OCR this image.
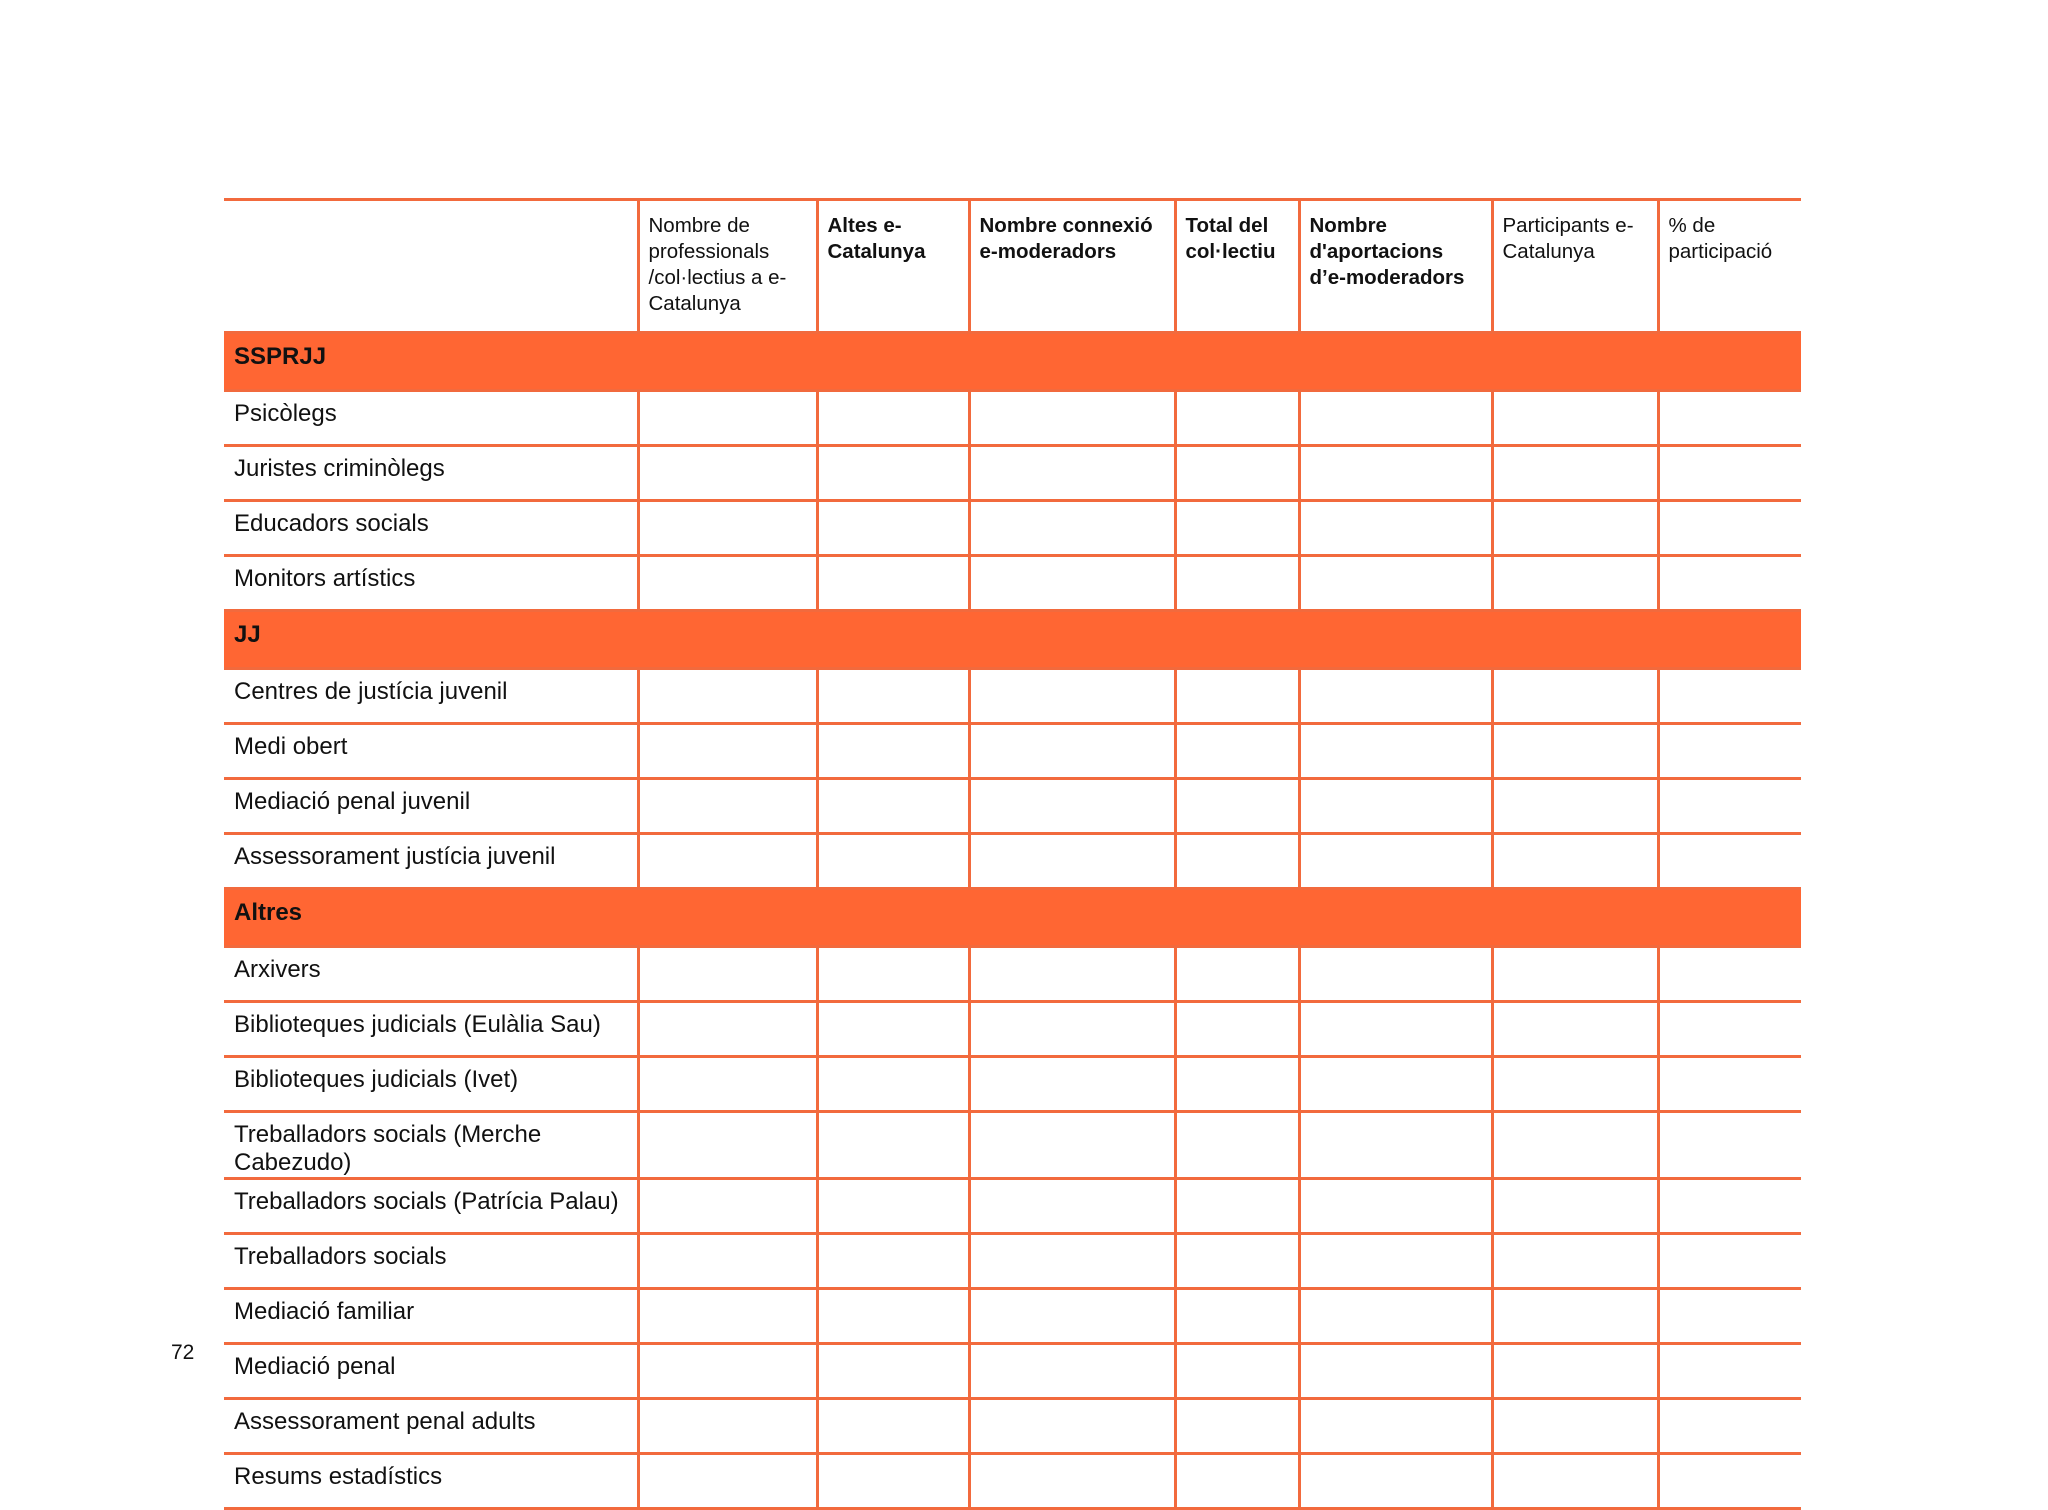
	Nombre de professionals /col·lectius a e-Catalunya	Altes e-Catalunya	Nombre connexió e-moderadors	Total del col·lectiu	Nombre d'aportacions d’e-moderadors	Participants e-Catalunya	% de participació
SSPRJJ							
Psicòlegs							
Juristes criminòlegs							
Educadors socials							
Monitors artístics							
JJ							
Centres de justícia juvenil							
Medi obert							
Mediació penal juvenil							
Assessorament justícia juvenil							
Altres							
Arxivers							
Biblioteques judicials (Eulàlia Sau)							
Biblioteques judicials (Ivet)							
Treballadors socials (Merche Cabezudo)							
Treballadors socials (Patrícia Palau)							
Treballadors socials							
Mediació familiar							
Mediació penal							
Assessorament penal adults							
Resums estadístics							
72
